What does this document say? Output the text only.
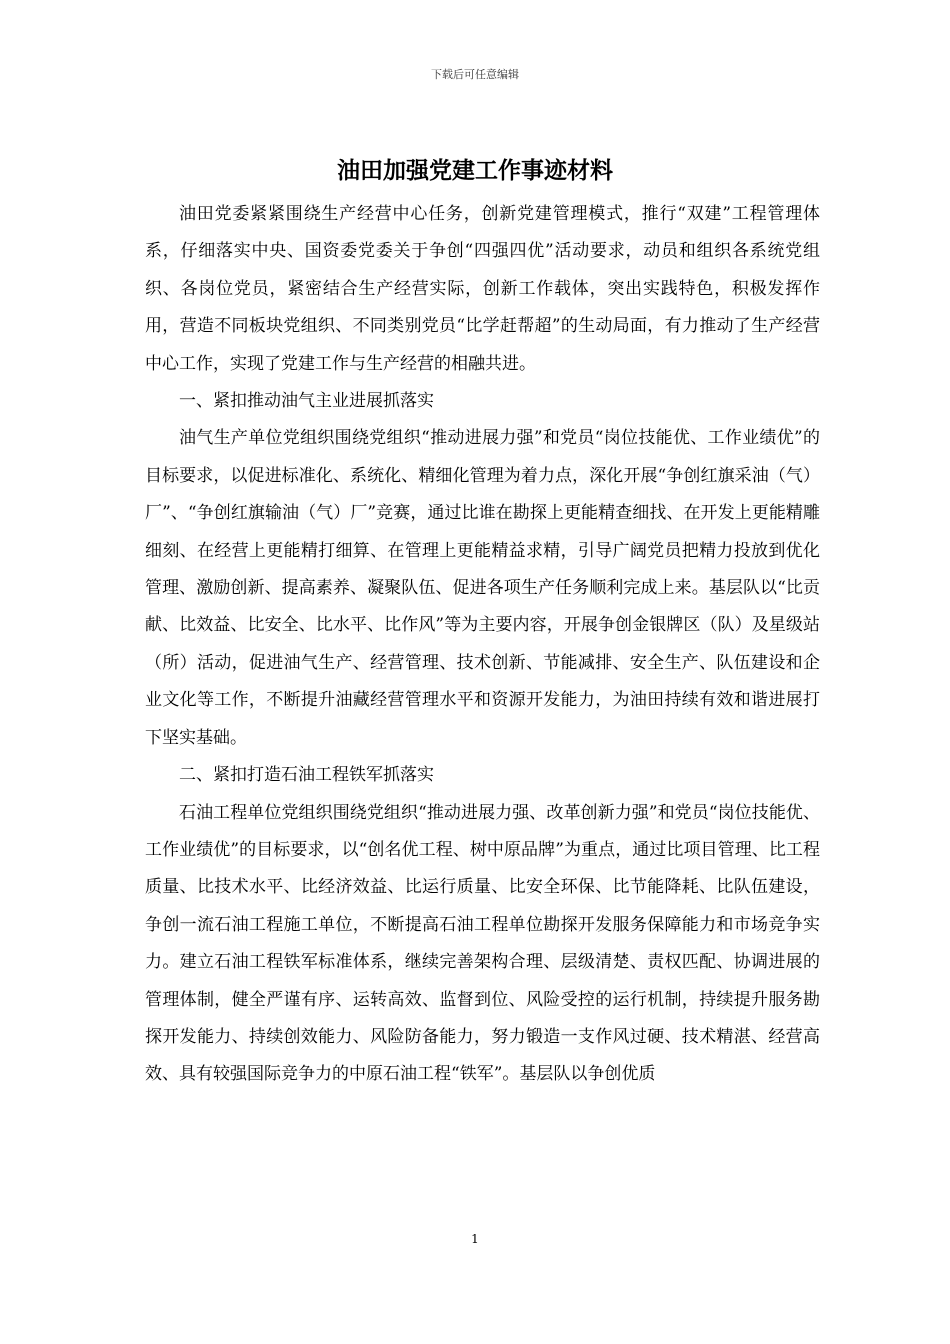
下载后可任意编辑
油田加强党建工作事迹材料

油田党委紧紧围绕生产经营中心任务，创新党建管理模式，推行“双建”工程管理体系，仔细落实中央、国资委党委关于争创“四强四优”活动要求，动员和组织各系统党组织、各岗位党员，紧密结合生产经营实际，创新工作载体，突出实践特色，积极发挥作用，营造不同板块党组织、不同类别党员“比学赶帮超”的生动局面，有力推动了生产经营中心工作，实现了党建工作与生产经营的相融共进。

一、紧扣推动油气主业进展抓落实

油气生产单位党组织围绕党组织“推动进展力强”和党员“岗位技能优、工作业绩优”的目标要求，以促进标准化、系统化、精细化管理为着力点，深化开展“争创红旗采油（气）厂”、“争创红旗输油（气）厂”竞赛，通过比谁在勘探上更能精查细找、在开发上更能精雕细刻、在经营上更能精打细算、在管理上更能精益求精，引导广阔党员把精力投放到优化管理、激励创新、提高素养、凝聚队伍、促进各项生产任务顺利完成上来。基层队以“比贡献、比效益、比安全、比水平、比作风”等为主要内容，开展争创金银牌区（队）及星级站（所）活动，促进油气生产、经营管理、技术创新、节能减排、安全生产、队伍建设和企业文化等工作，不断提升油藏经营管理水平和资源开发能力，为油田持续有效和谐进展打下坚实基础。

二、紧扣打造石油工程铁军抓落实

石油工程单位党组织围绕党组织“推动进展力强、改革创新力强”和党员“岗位技能优、工作业绩优”的目标要求，以“创名优工程、树中原品牌”为重点，通过比项目管理、比工程质量、比技术水平、比经济效益、比运行质量、比安全环保、比节能降耗、比队伍建设，争创一流石油工程施工单位，不断提高石油工程单位勘探开发服务保障能力和市场竞争实力。建立石油工程铁军标准体系，继续完善架构合理、层级清楚、责权匹配、协调进展的管理体制，健全严谨有序、运转高效、监督到位、风险受控的运行机制，持续提升服务勘探开发能力、持续创效能力、风险防备能力，努力锻造一支作风过硬、技术精湛、经营高效、具有较强国际竞争力的中原石油工程“铁军”。基层队以争创优质

1
